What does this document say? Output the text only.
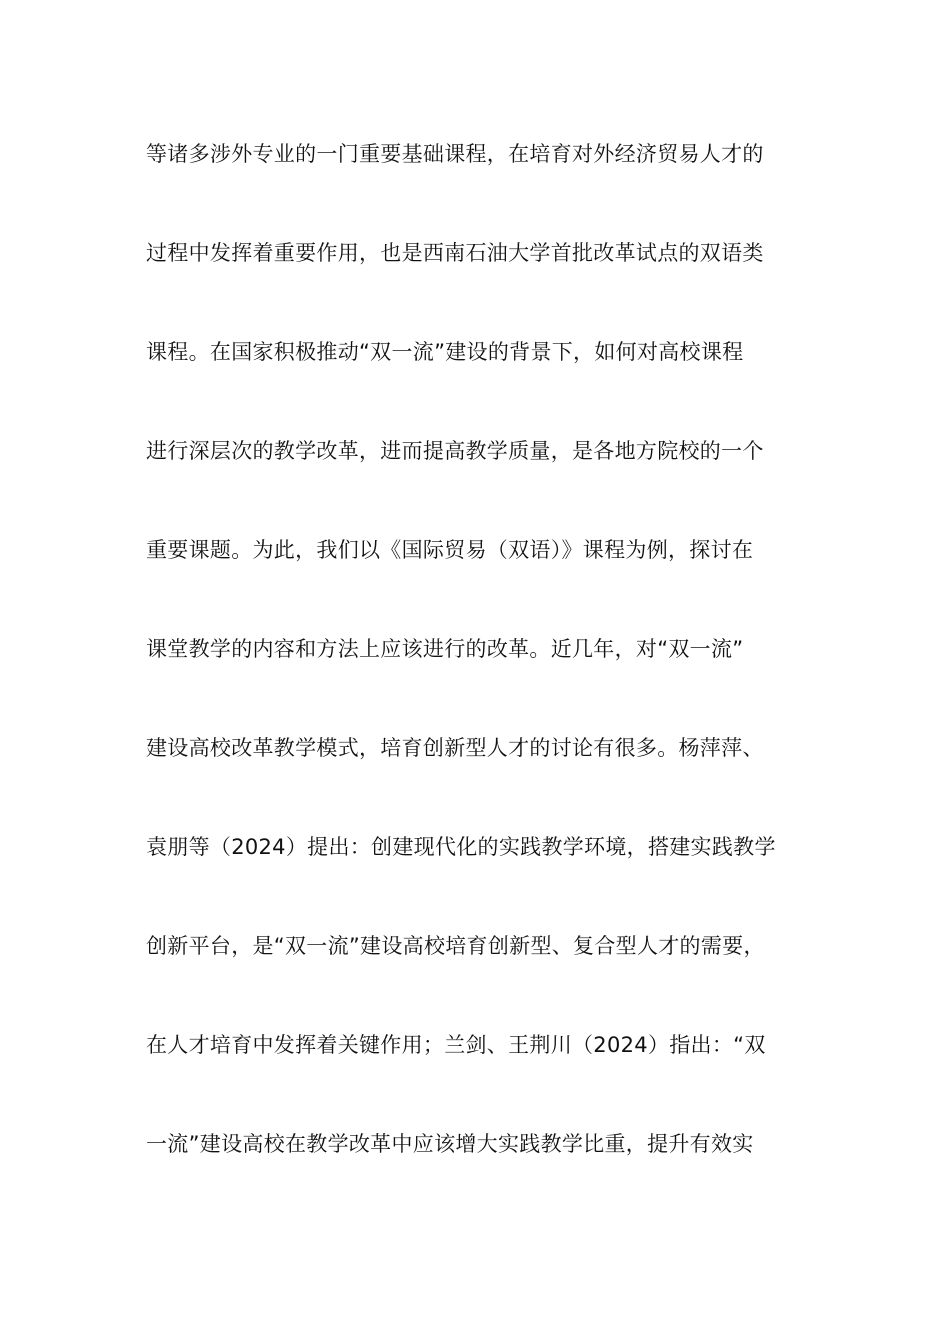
等诸多涉外专业的一门重要基础课程，在培育对外经济贸易人才的
过程中发挥着重要作用，也是西南石油大学首批改革试点的双语类
课程。在国家积极推动“双一流”建设的背景下，如何对高校课程
进行深层次的教学改革，进而提高教学质量，是各地方院校的一个
重要课题。为此，我们以《国际贸易（双语）》课程为例，探讨在
课堂教学的内容和方法上应该进行的改革。近几年，对“双一流”
建设高校改革教学模式，培育创新型人才的讨论有很多。杨萍萍、
袁朋等（2024）提出：创建现代化的实践教学环境，搭建实践教学
创新平台，是“双一流”建设高校培育创新型、复合型人才的需要，
在人才培育中发挥着关键作用；兰剑、王荆川（2024）指出：“双
一流”建设高校在教学改革中应该增大实践教学比重，提升有效实
